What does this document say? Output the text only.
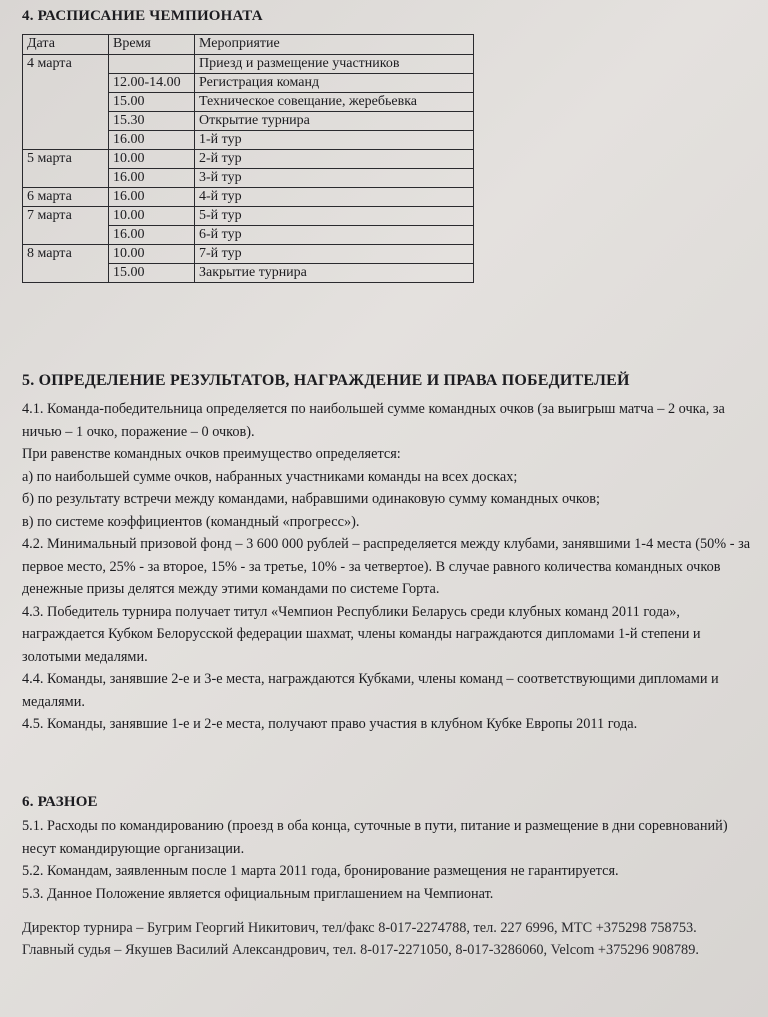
4. РАСПИСАНИЕ ЧЕМПИОНАТА
Дата	Время	Мероприятие
4 марта		Приезд и размещение участников
	12.00-14.00	Регистрация команд
	15.00	Техническое совещание, жеребьевка
	15.30	Открытие турнира
	16.00	1-й тур
5 марта	10.00	2-й тур
	16.00	3-й тур
6 марта	16.00	4-й тур
7 марта	10.00	5-й тур
	16.00	6-й тур
8 марта	10.00	7-й тур
	15.00	Закрытие турнира
5. ОПРЕДЕЛЕНИЕ РЕЗУЛЬТАТОВ, НАГРАЖДЕНИЕ И ПРАВА ПОБЕДИТЕЛЕЙ

4.1. Команда-победительница определяется по наибольшей сумме командных очков (за выигрыш матча – 2 очка, за ничью – 1 очко, поражение – 0 очков).

При равенстве командных очков преимущество определяется:

а) по наибольшей сумме очков, набранных участниками команды на всех досках;

б) по результату встречи между командами, набравшими одинаковую сумму командных очков;

в) по системе коэффициентов (командный «прогресс»).

4.2. Минимальный призовой фонд – 3 600 000 рублей – распределяется между клубами, занявшими 1-4 места (50% - за первое место, 25% - за второе, 15% - за третье, 10% - за четвертое). В случае равного количества командных очков денежные призы делятся между этими командами по системе Горта.

4.3. Победитель турнира получает титул «Чемпион Республики Беларусь среди клубных команд 2011 года», награждается Кубком Белорусской федерации шахмат, члены команды награждаются дипломами 1-й степени и золотыми медалями.

4.4. Команды, занявшие 2-е и 3-е места, награждаются Кубками, члены команд – соответствующими дипломами и медалями.

4.5. Команды, занявшие 1-е и 2-е места, получают право участия в клубном Кубке Европы 2011 года.

6. РАЗНОЕ

5.1. Расходы по командированию (проезд в оба конца, суточные в пути, питание и размещение в дни соревнований) несут командирующие организации.

5.2. Командам, заявленным после 1 марта 2011 года, бронирование размещения не гарантируется.

5.3. Данное Положение является официальным приглашением на Чемпионат.

Директор турнира – Бугрим Георгий Никитович, тел/факс 8-017-2274788, тел. 227 6996, МТС +375298 758753.

Главный судья – Якушев Василий Александрович, тел. 8-017-2271050, 8-017-3286060, Velcom +375296 908789.
